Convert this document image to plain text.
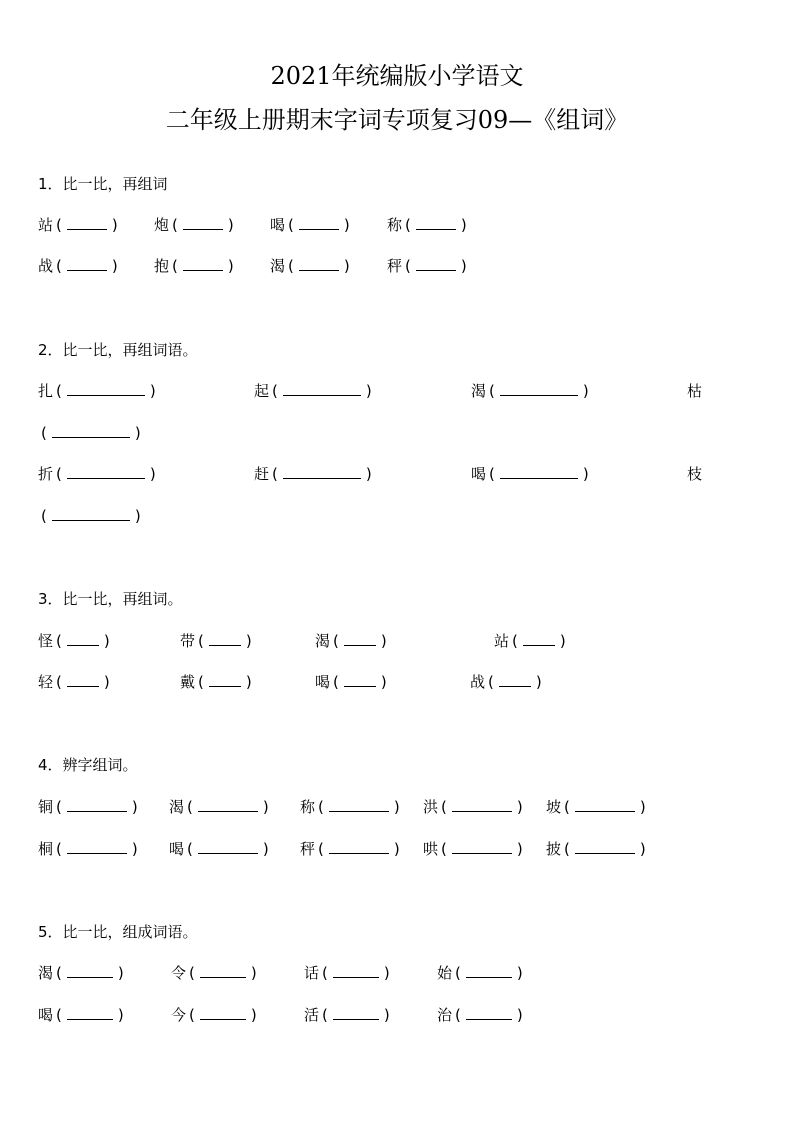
2021年统编版小学语文
二年级上册期末字词专项复习09—《组词》
1．比一比，再组词
站 (	) 炮 (	) 喝 (	) 称 (	)
战 (	) 抱 (	) 渴 (	) 秤 (	)
2．比一比，再组词语。
扎 (	)	起 (	)	渴 (	)	枯
(	)
折 (	)	赶 (	)	喝 (	)	枝
(	)
3．比一比，再组词。
怪 (	)	带 (	)	渴 (	)	站 (	)
轻 (	)	戴 (	)	喝 (	)	战 (	)
4．辨字组词。
铜 (	) 渴 (	) 称 (	) 洪 (	) 坡 (	)
桐 (	) 喝 (	) 秤 (	) 哄 (	) 披 (	)
5．比一比，组成词语。
渴 (	)	令 (	)	话 (	)	始 (	)
喝 (	)	今 (	)	活 (	)	治 (	)
